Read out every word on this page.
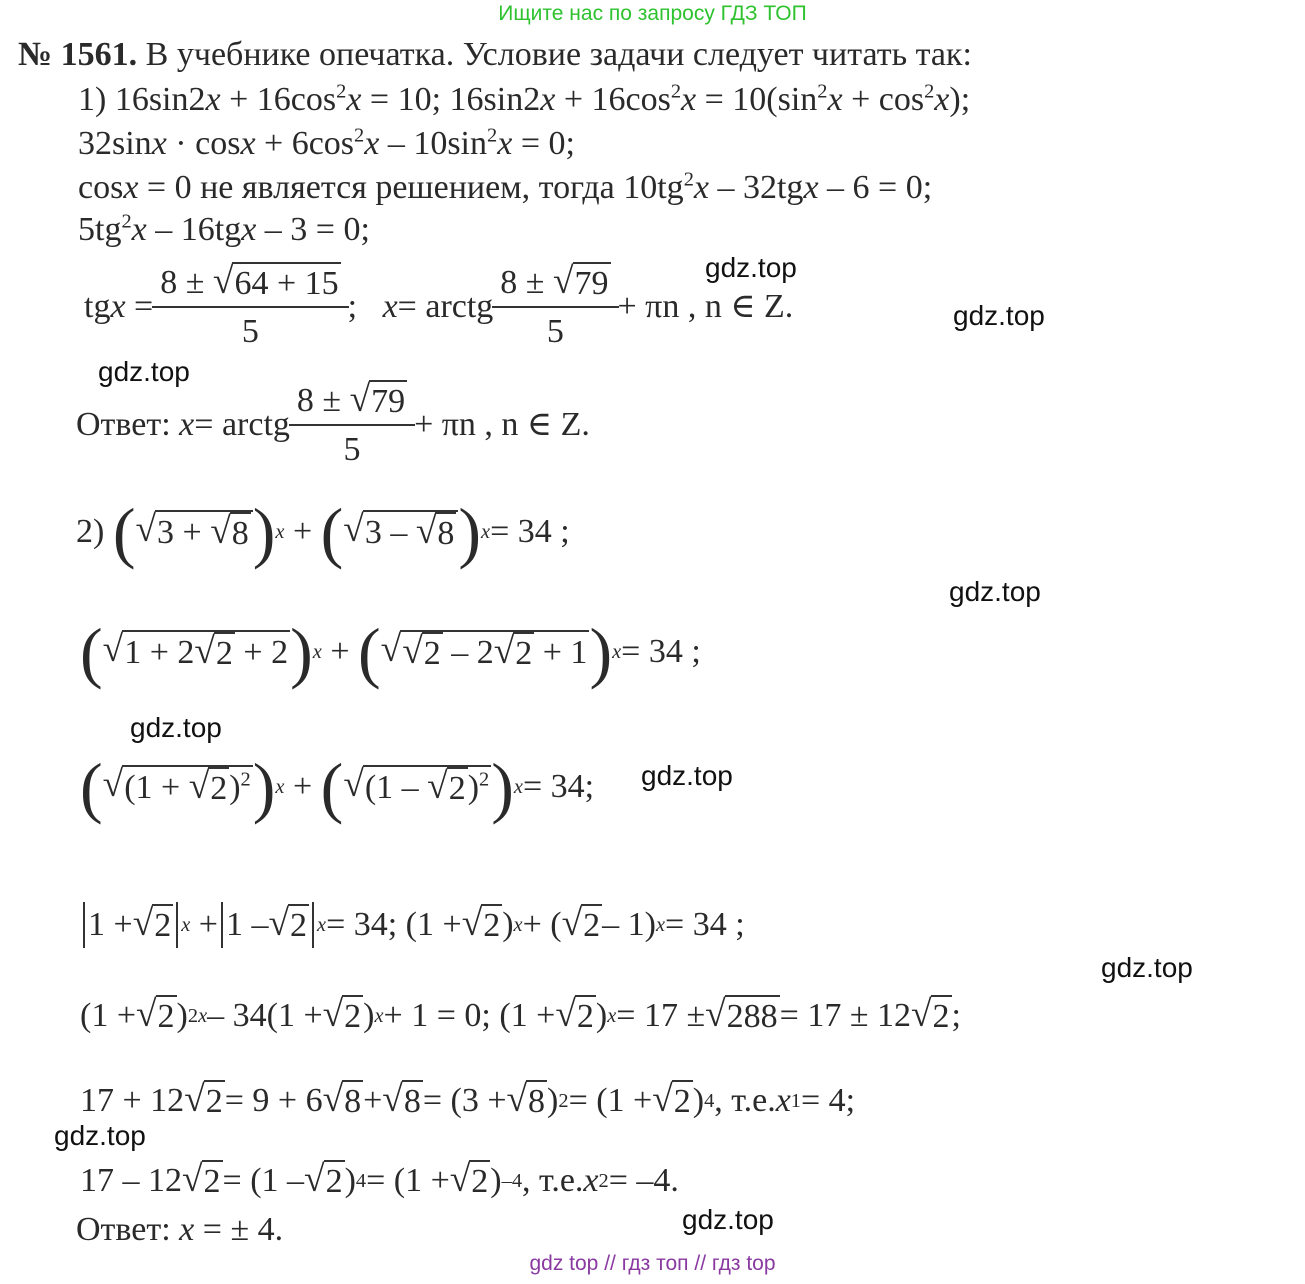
Ищите нас по запросу ГДЗ ТОП
№ 1561. В учебнике опечатка. Условие задачи следует читать так:
1) $16\sin 2x + 16\cos^2x = 10$; $16\sin 2x + 16\cos^2x = 10(\sin^2x + \cos^2x)$;
$32\sin x \cdot \cos x + 6\cos^2x - 10\sin^2x = 0$;
cosx = 0 не является решением, тогда $10tg^2x - 32tgx - 6 = 0$;
$5tg^2x - 16tgx - 3 = 0$;
tg $x = \frac{8 \pm √ 64 + 15}{5}$ ;
x = arctg $\frac{8 \pm √ 79}{5} + \pi n$ , n ∈ Z.
Ответ:
x = arctg $\frac{8 \pm √ 79}{5} + \pi n$ , n ∈ Z.
2)
( √ 3 + √ 8 ) x + ( √ 3 – √ 8 ) x = 34 ;
( √ 1 + 2 √ 2 + 2 ) x + ( √ √ 2 – 2 √ 2 + 1 ) x = 34 ;
( √ (1 + √ 2 )$^2$ ) x + ( √ (1 – √ 2 )$^2$ ) x = 34;
1 + √ 2 x + 1 – √ 2 x = 34; (1 + √ 2 ) x + ( √ 2 – 1) x = 34 ;
(1 + √ 2 ) 2x – 34(1 + √ 2 ) x + 1 = 0; (1 + √ 2 ) x = 17 ± √ 288 = 17 ± 12 √ 2 ;
17 + 12 √ 2 = 9 + 6 √ 8 + √ 8 = (3 + √ 8 ) 2 = (1 + √ 2 ) 4 , т.е. x 1 = 4;
17 – 12 √ 2 = (1 – √ 2 ) 4 = (1 + √ 2 ) –4 , т.е. x 2 = –4.
Ответ: x = ± 4.
gdz.top
gdz.top
gdz.top
gdz.top
gdz.top
gdz.top
gdz.top
gdz.top
gdz.top
gdz top // гдз топ // гдз top
